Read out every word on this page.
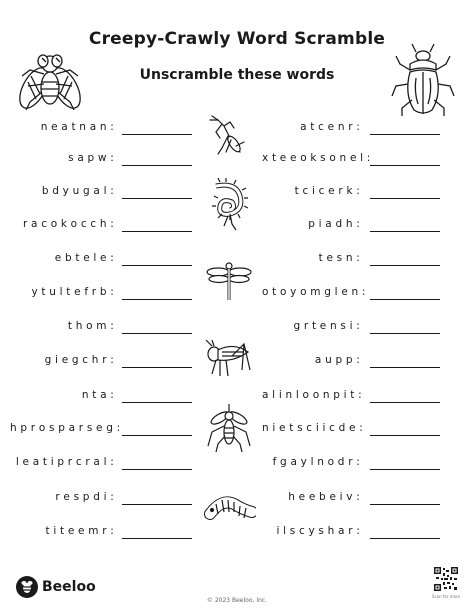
Creepy-Crawly Word Scramble
Unscramble these words
n e a t n a n :
s a p w :
b d y u g a l :
r a c o k o c c h :
e b t e l e :
y t u l t e f r b :
t h o m :
g i e g c h r :
n t a :
h p r o s p a r s e g :
l e a t i p r c r a l :
r e s p d i :
t i t e e m r :
a t c e n r :
x t e e o k s o n e l :
t c i c e r k :
p i a d h :
t e s n :
o t o y o m g l e n :
g r t e n s i :
a u p p :
a l i n l o o n p i t :
n i e t s c i i c d e :
f g a y l n o d r :
h e e b e i v :
i l s c y s h a r :
Beeloo
© 2023 Beeloo, Inc.
Scan for more
